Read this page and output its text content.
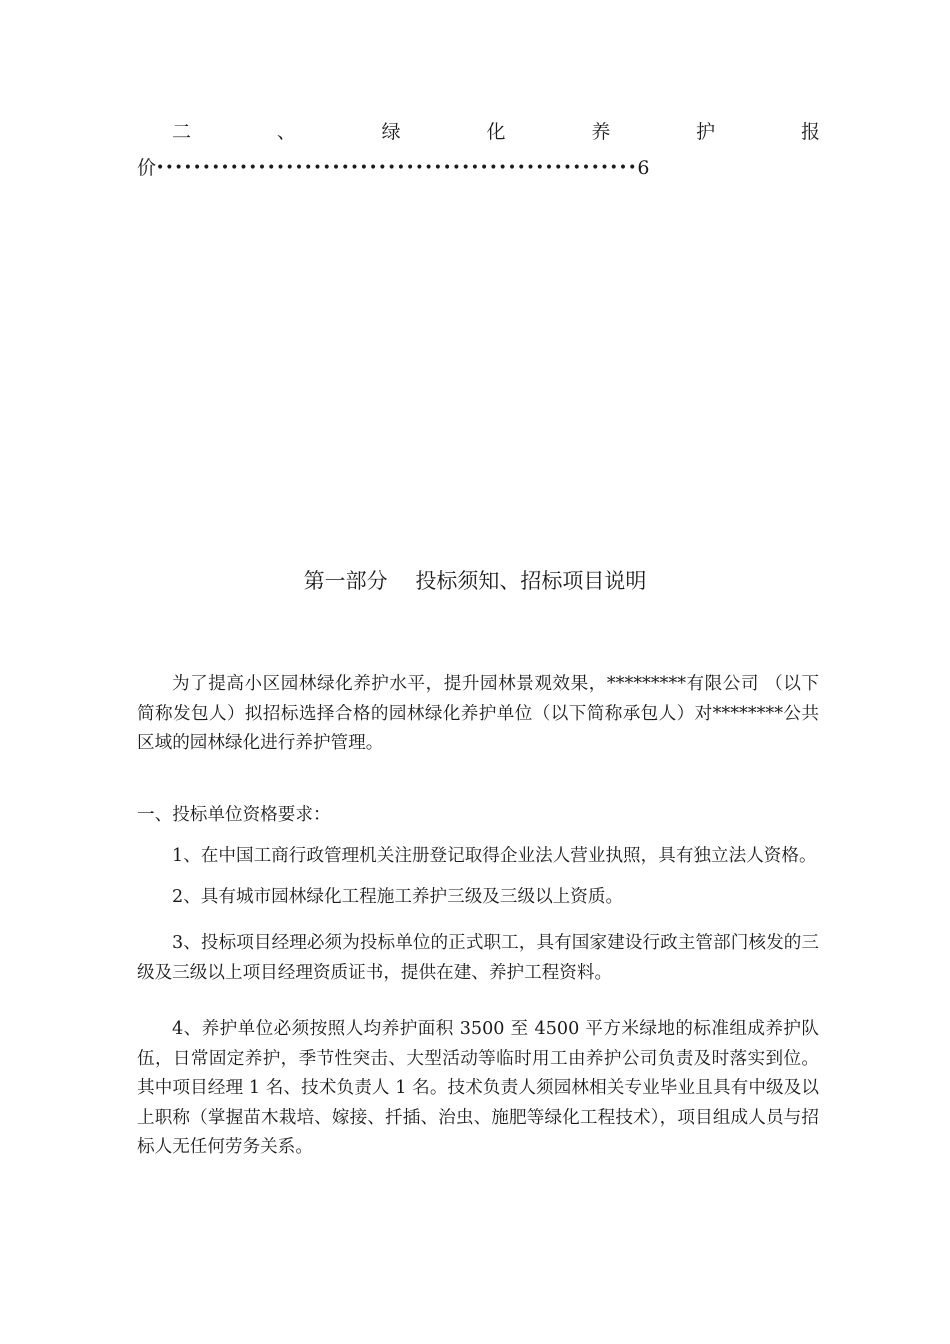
二	、	绿	化	养	护	报
价••••••••••••••••••••••••••••••••••••••••••••••••••••6
第一部分　 投标须知、招标项目说明

为了提高小区园林绿化养护水平，提升园林景观效果，*********有限公司 （以下简称发包人）拟招标选择合格的园林绿化养护单位（以下简称承包人）对********公共区域的园林绿化进行养护管理。

一、投标单位资格要求：

1、在中国工商行政管理机关注册登记取得企业法人营业执照，具有独立法人资格。

2、具有城市园林绿化工程施工养护三级及三级以上资质。

3、投标项目经理必须为投标单位的正式职工，具有国家建设行政主管部门核发的三级及三级以上项目经理资质证书，提供在建、养护工程资料。

4、养护单位必须按照人均养护面积 3500 至 4500 平方米绿地的标准组成养护队伍，日常固定养护，季节性突击、大型活动等临时用工由养护公司负责及时落实到位。其中项目经理 1 名、技术负责人 1 名。技术负责人须园林相关专业毕业且具有中级及以上职称（掌握苗木栽培、嫁接、扦插、治虫、施肥等绿化工程技术），项目组成人员与招标人无任何劳务关系。
